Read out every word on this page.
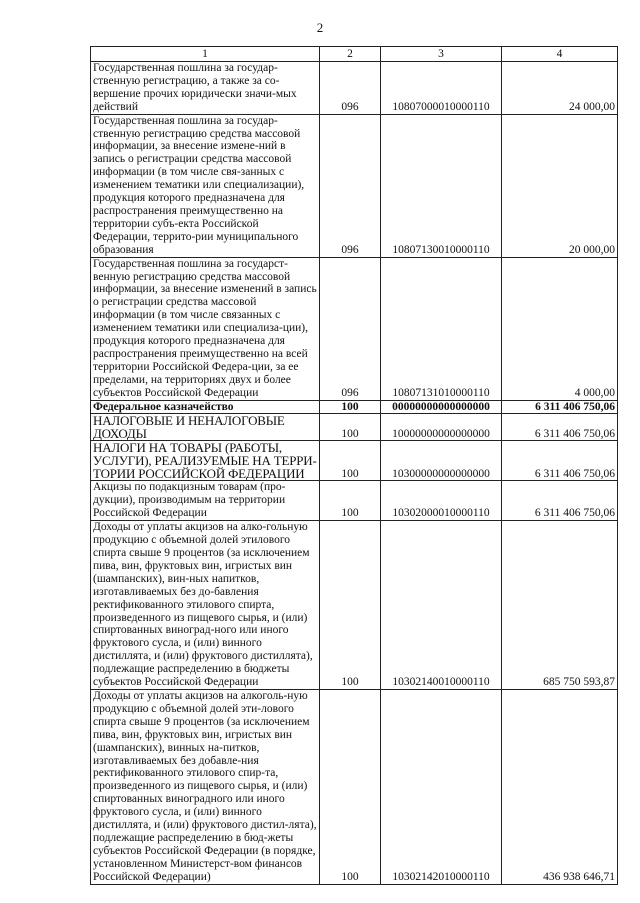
2
1	2	3	4
Государственная пошлина за государ-ственную регистрацию, а также за со-вершение прочих юридически значи-мых действий	096	10807000010000110	24 000,00
Государственная пошлина за государ-ственную регистрацию средства массовой информации, за внесение измене-ний в запись о регистрации средства массовой информации (в том числе свя-занных с изменением тематики или специализации), продукция которого предназначена для распространения преимущественно на территории субъ-екта Российской Федерации, террито-рии муниципального образования	096	10807130010000110	20 000,00
Государственная пошлина за государст-венную регистрацию средства массовой информации, за внесение изменений в запись о регистрации средства массовой информации (в том числе связанных с изменением тематики или специализа-ции), продукция которого предназначена для распространения преимущественно на всей территории Российской Федера-ции, за ее пределами, на территориях двух и более субъектов Российской Федерации	096	10807131010000110	4 000,00
Федеральное казначейство	100	00000000000000000	6 311 406 750,06
НАЛОГОВЫЕ И НЕНАЛОГОВЫЕ ДОХОДЫ	100	10000000000000000	6 311 406 750,06
НАЛОГИ НА ТОВАРЫ (РАБОТЫ, УСЛУГИ), РЕАЛИЗУЕМЫЕ НА ТЕРРИ-ТОРИИ РОССИЙСКОЙ ФЕДЕРАЦИИ	100	10300000000000000	6 311 406 750,06
Акцизы по подакцизным товарам (про-дукции), производимым на территории Российской Федерации	100	10302000010000110	6 311 406 750,06
Доходы от уплаты акцизов на алко-гольную продукцию с объемной долей этилового спирта свыше 9 процентов (за исключением пива, вин, фруктовых вин, игристых вин (шампанских), вин-ных напитков, изготавливаемых без до-бавления ректификованного этилового спирта, произведенного из пищевого сырья, и (или) спиртованных виноград-ного или иного фруктового сусла, и (или) винного дистиллята, и (или) фруктового дистиллята), подлежащие распределению в бюджеты субъектов Российской Федерации	100	10302140010000110	685 750 593,87
Доходы от уплаты акцизов на алкоголь-ную продукцию с объемной долей эти-лового спирта свыше 9 процентов (за исключением пива, вин, фруктовых вин, игристых вин (шампанских), винных на-питков, изготавливаемых без добавле-ния ректификованного этилового спир-та, произведенного из пищевого сырья, и (или) спиртованных виноградного или иного фруктового сусла, и (или) винного дистиллята, и (или) фруктового дистил-лята), подлежащие распределению в бюд-жеты субъектов Российской Федерации (в порядке, установленном Министерст-вом финансов Российской Федерации)	100	10302142010000110	436 938 646,71
